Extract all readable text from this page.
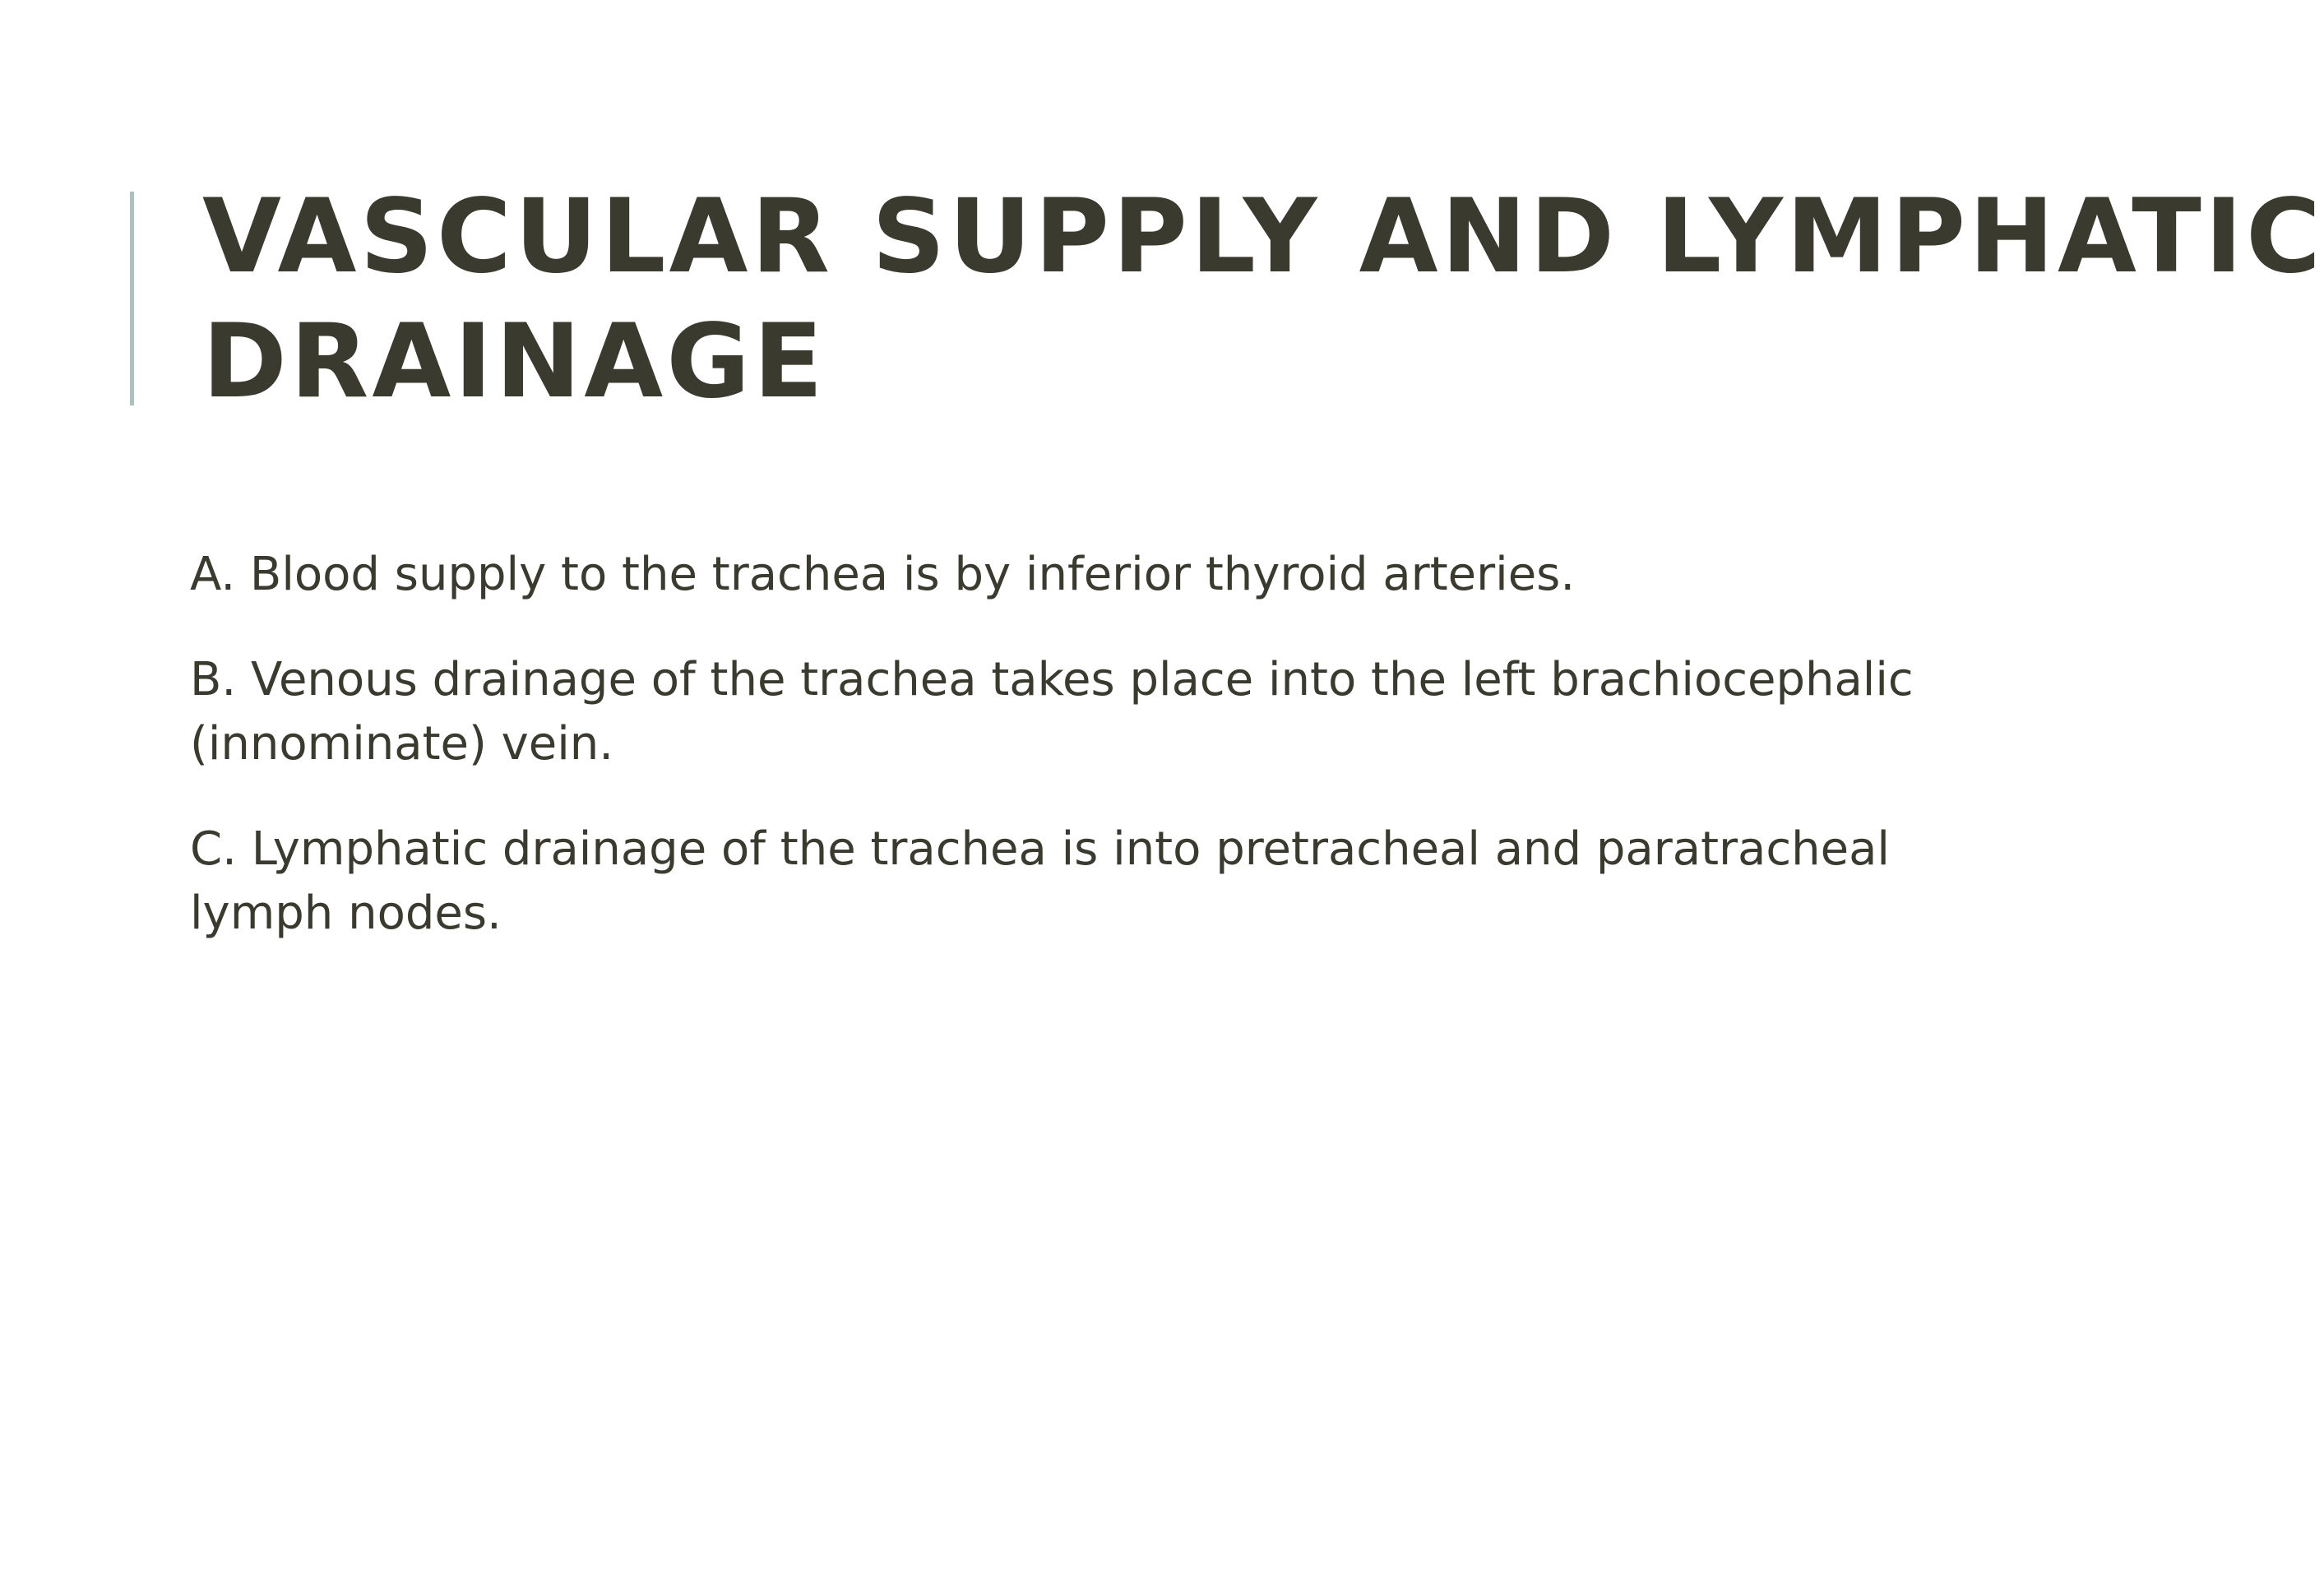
VASCULAR SUPPLY AND LYMPHATIC
DRAINAGE

A. Blood supply to the trachea is by inferior thyroid arteries.

B. Venous drainage of the trachea takes place into the left brachiocephalic
(innominate) vein.

C. Lymphatic drainage of the trachea is into pretracheal and paratracheal
lymph nodes.
